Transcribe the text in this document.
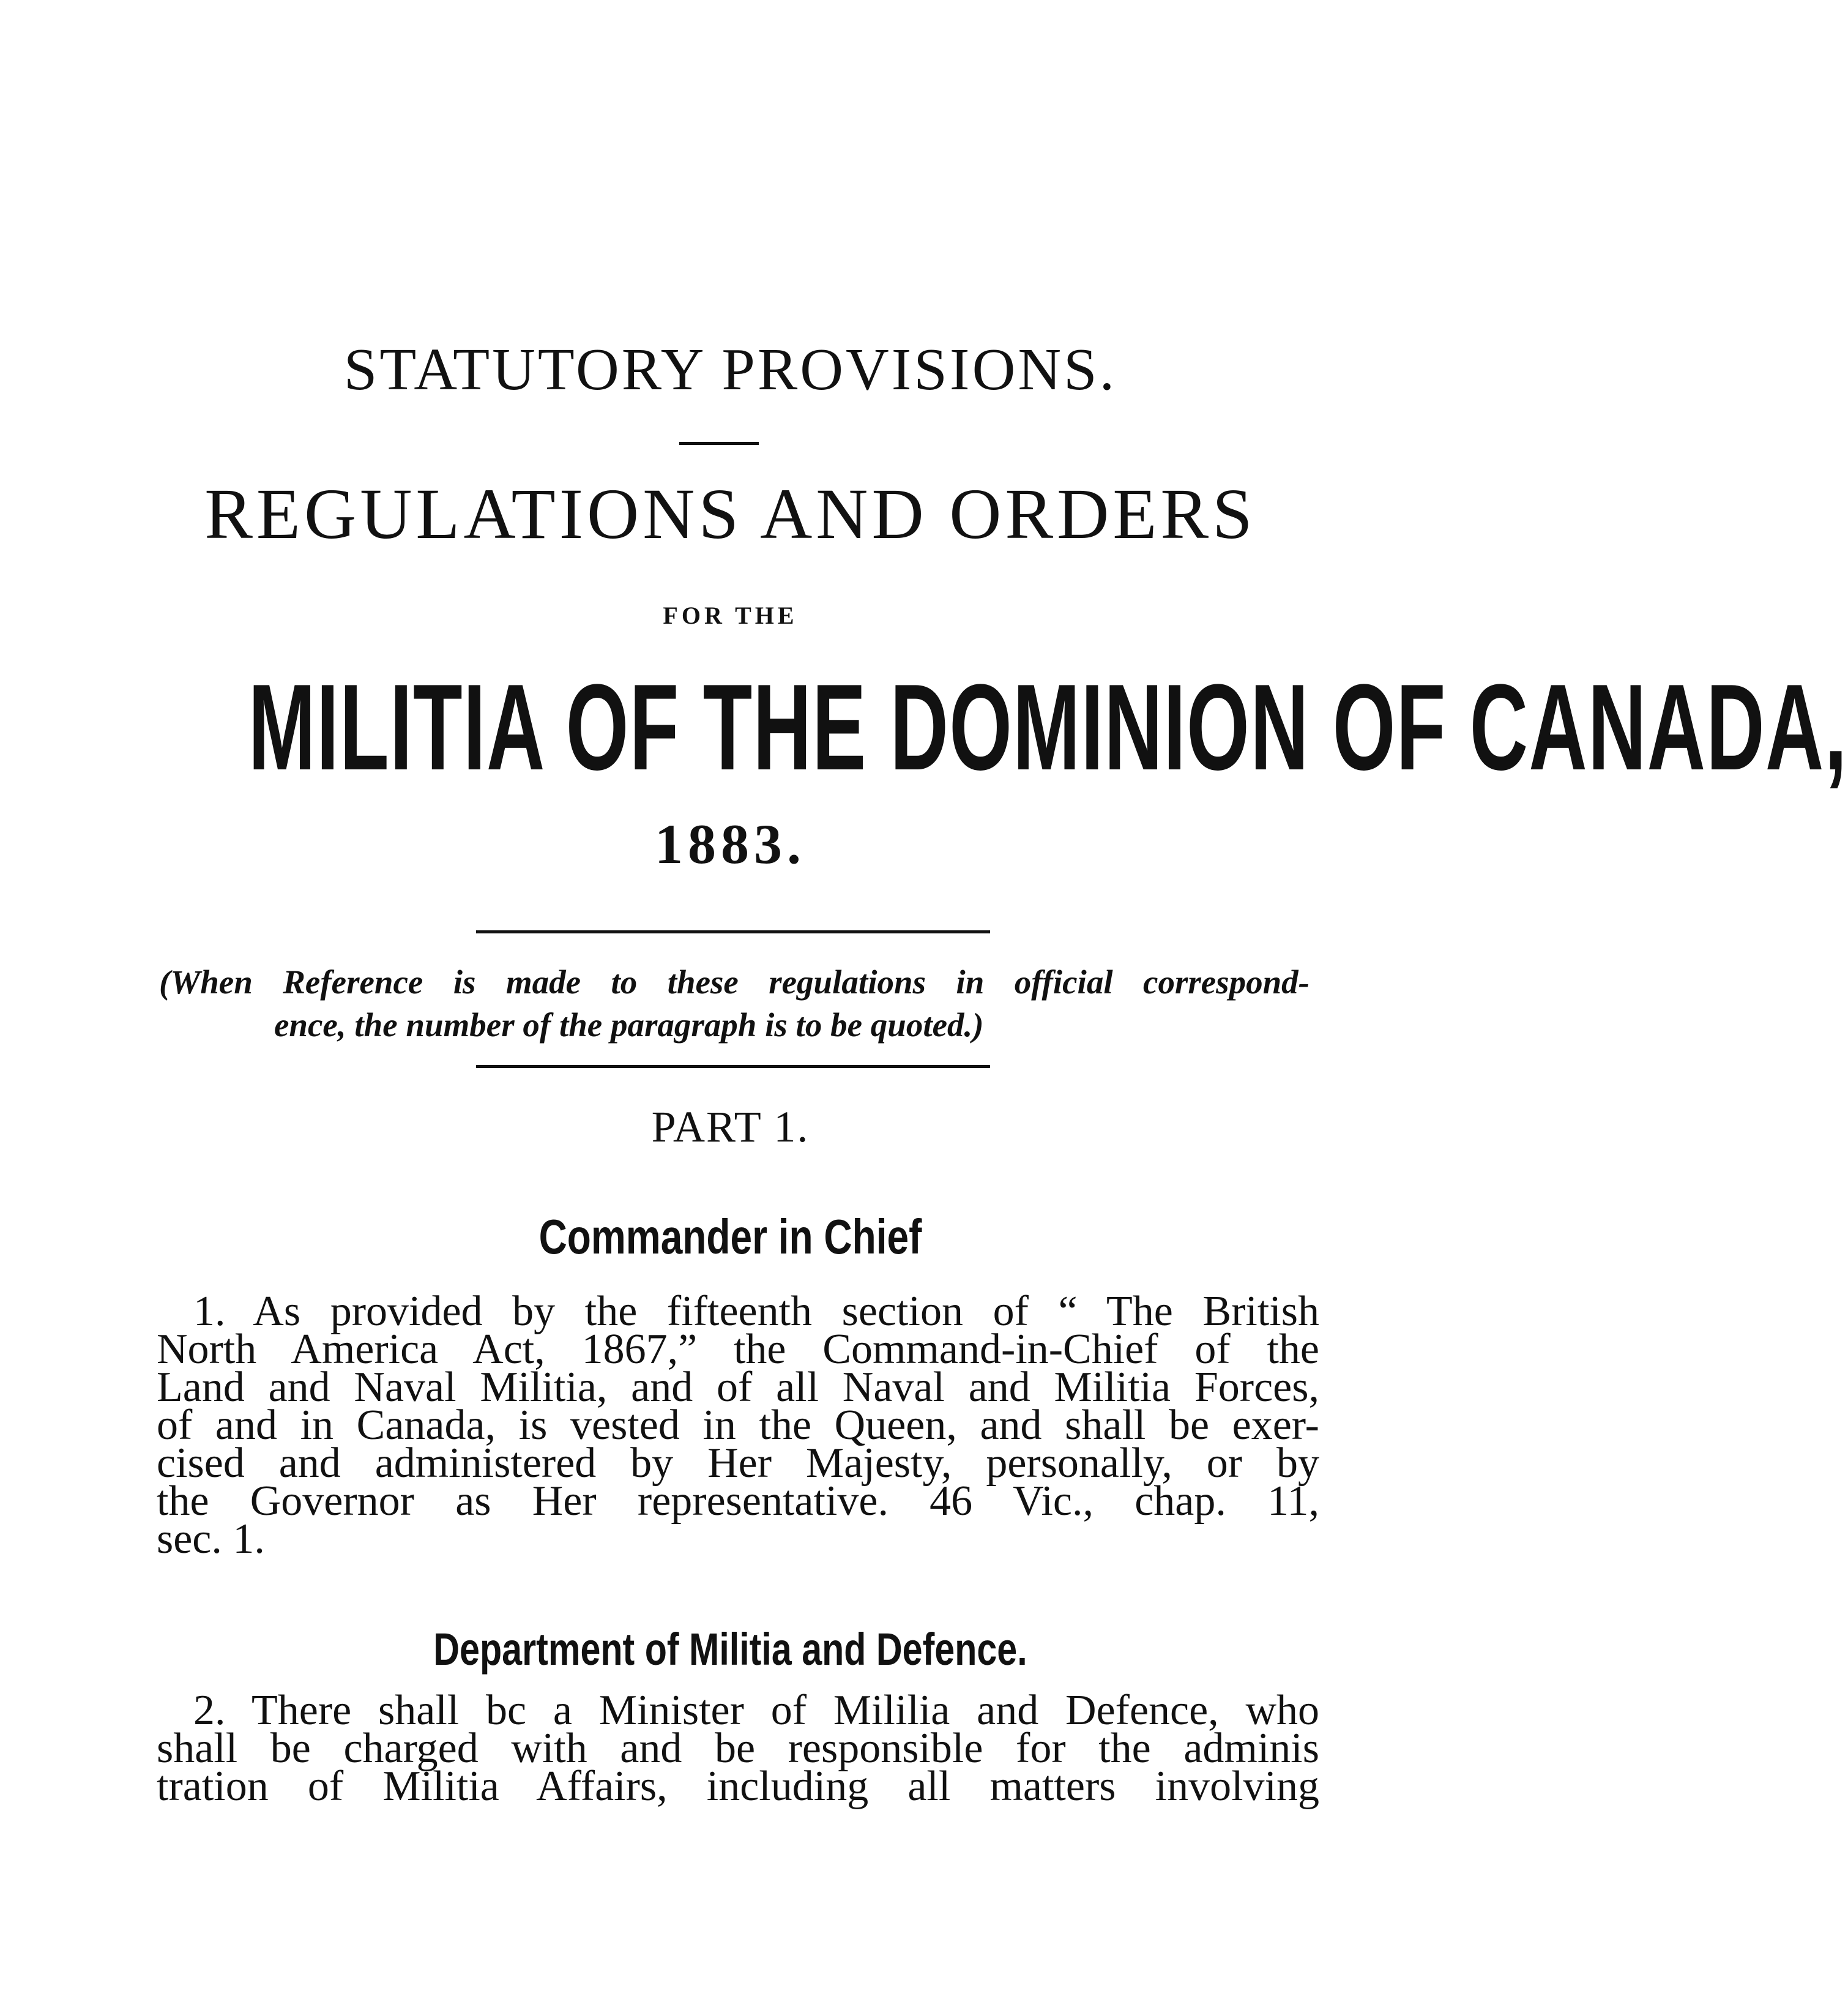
STATUTORY PROVISIONS.
REGULATIONS AND ORDERS
FOR THE
MILITIA OF THE DOMINION OF CANADA,
1883.
(When Reference is made to these regulations in official correspond-
ence, the number of the paragraph is to be quoted.)
PART 1.
Commander in Chief
1. As provided by the fifteenth section of “ The British
North America Act, 1867,” the Command-in-Chief of the
Land and Naval Militia, and of all Naval and Militia Forces,
of and in Canada, is vested in the Queen, and shall be exer-
cised and administered by Her Majesty, personally, or by
the Governor as Her representative. 46 Vic., chap. 11,
sec. 1.
Department of Militia and Defence.
2. There shall bc a Minister of Mililia and Defence, who
shall be charged with and be responsible for the adminis
tration of Militia Affairs, including all matters involving
